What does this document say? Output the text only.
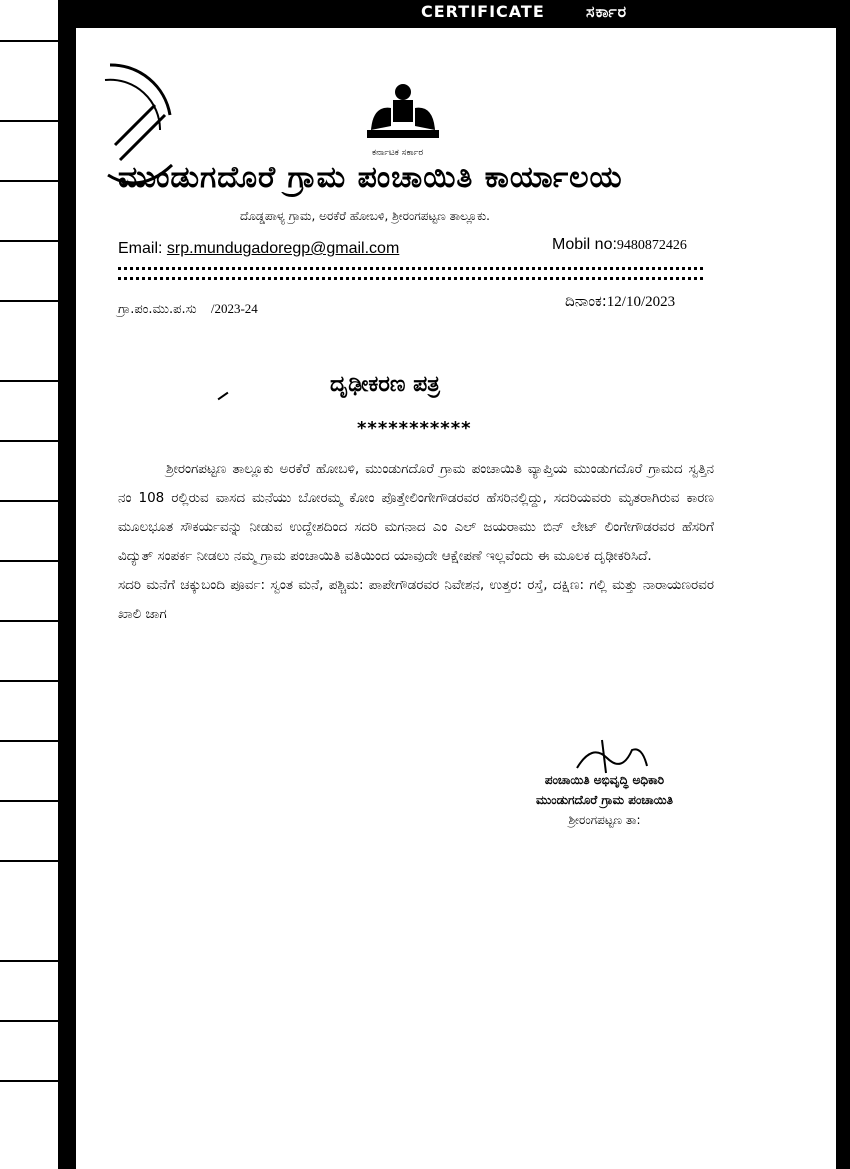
CERTIFICATE	ಸರ್ಕಾರ
ಕರ್ನಾಟಕ ಸರ್ಕಾರ
ಮುಂಡುಗದೊರೆ ಗ್ರಾಮ ಪಂಚಾಯಿತಿ ಕಾರ್ಯಾಲಯ
ದೊಡ್ಡಪಾಳ್ಯ ಗ್ರಾಮ, ಅರಕೆರೆ ಹೋಬಳಿ, ಶ್ರೀರಂಗಪಟ್ಟಣ ತಾಲ್ಲೂಕು.
Email: srp.mundugadoregp@gmail.com	Mobil no:9480872426
ಗ್ರಾ.ಪಂ.ಮು.ಪ.ಸು /2023-24	ದಿನಾಂಕ:12/10/2023
ದೃಢೀಕರಣ ಪತ್ರ
***********

ಶ್ರೀರಂಗಪಟ್ಟಣ ತಾಲ್ಲೂಕು ಅರಕೆರೆ ಹೋಬಳಿ, ಮುಂಡುಗದೊರೆ ಗ್ರಾಮ ಪಂಚಾಯಿತಿ ವ್ಯಾಪ್ತಿಯ ಮುಂಡುಗದೊರೆ ಗ್ರಾಮದ ಸ್ವತ್ತಿನ ನಂ 108 ರಲ್ಲಿರುವ ವಾಸದ ಮನೆಯು ಬೋರಮ್ಮ ಕೋಂ ಪೊತ್ತೇಲಿಂಗೇಗೌಡರವರ ಹೆಸರಿನಲ್ಲಿದ್ದು, ಸದರಿಯವರು ಮೃತರಾಗಿರುವ ಕಾರಣ ಮೂಲಭೂತ ಸೌಕರ್ಯವನ್ನು ನೀಡುವ ಉದ್ದೇಶದಿಂದ ಸದರಿ ಮಗನಾದ ಎಂ ಎಲ್ ಜಯರಾಮು ಬಿನ್ ಲೇಟ್ ಲಿಂಗೇಗೌಡರವರ ಹೆಸರಿಗೆ ವಿದ್ಯುತ್ ಸಂಪರ್ಕ ನೀಡಲು ನಮ್ಮ ಗ್ರಾಮ ಪಂಚಾಯಿತಿ ವತಿಯಿಂದ ಯಾವುದೇ ಆಕ್ಷೇಪಣೆ ಇಲ್ಲವೆಂದು ಈ ಮೂಲಕ ದೃಢೀಕರಿಸಿದೆ.

ಸದರಿ ಮನೆಗೆ ಚಕ್ಕುಬಂದಿ ಪೂರ್ವ: ಸ್ವಂತ ಮನೆ, ಪಶ್ಚಿಮ: ಪಾಪೇಗೌಡರವರ ನಿವೇಶನ, ಉತ್ತರ: ರಸ್ತೆ, ದಕ್ಷಿಣ: ಗಲ್ಲಿ ಮತ್ತು ನಾರಾಯಣರವರ ಖಾಲಿ ಜಾಗ
ಪಂಚಾಯಿತಿ ಅಭಿವೃದ್ಧಿ ಅಧಿಕಾರಿ
ಮುಂಡುಗದೊರೆ ಗ್ರಾಮ ಪಂಚಾಯಿತಿ
ಶ್ರೀರಂಗಪಟ್ಟಣ ತಾ:
